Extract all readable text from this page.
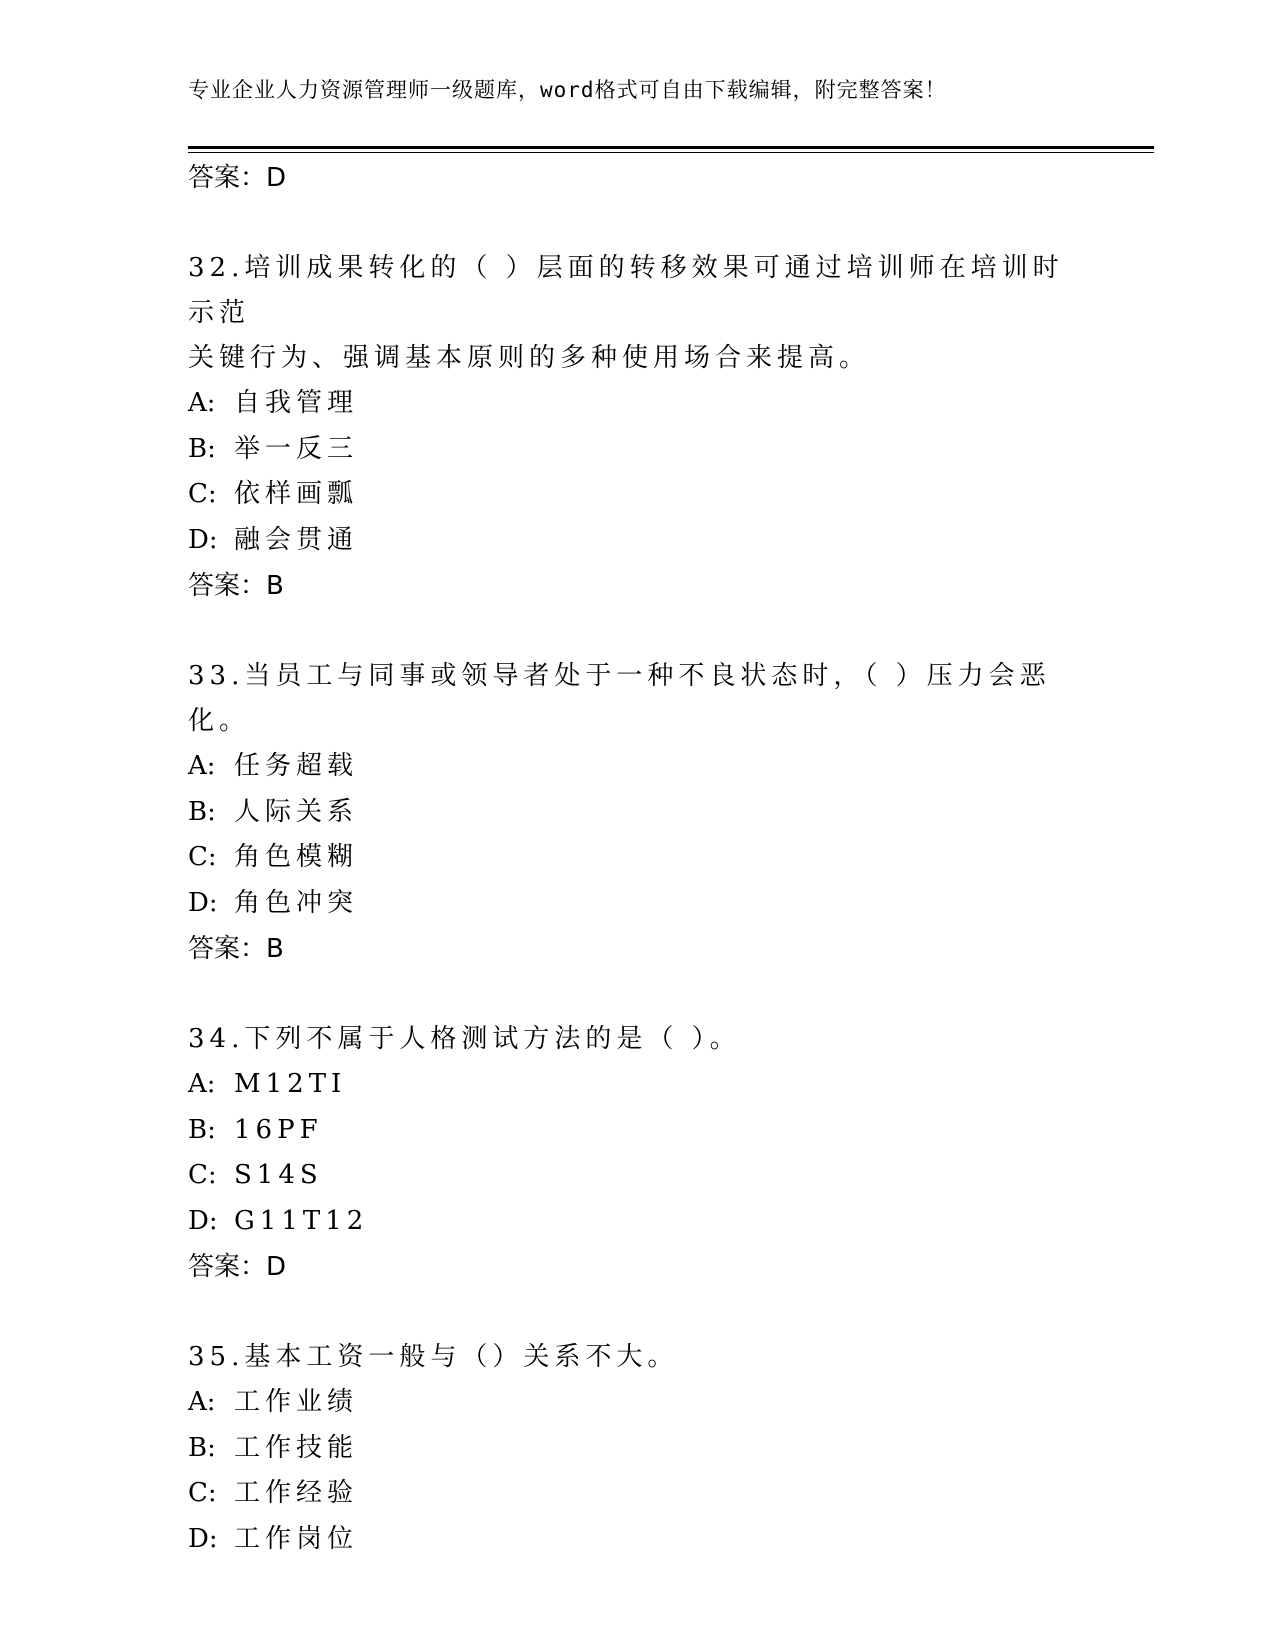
专业企业人力资源管理师一级题库，word格式可自由下载编辑，附完整答案！
答案：D
32.培训成果转化的（ ）层面的转移效果可通过培训师在培训时示范
关键行为、强调基本原则的多种使用场合来提高。
A: 自我管理
B: 举一反三
C: 依样画瓢
D: 融会贯通
答案：B
33.当员工与同事或领导者处于一种不良状态时，（ ）压力会恶化。
A: 任务超载
B: 人际关系
C: 角色模糊
D: 角色冲突
答案：B
34.下列不属于人格测试方法的是（ ）。
A: M12TI
B: 16PF
C: S14S
D: G11T12
答案：D
35.基本工资一般与（）关系不大。
A: 工作业绩
B: 工作技能
C: 工作经验
D: 工作岗位
